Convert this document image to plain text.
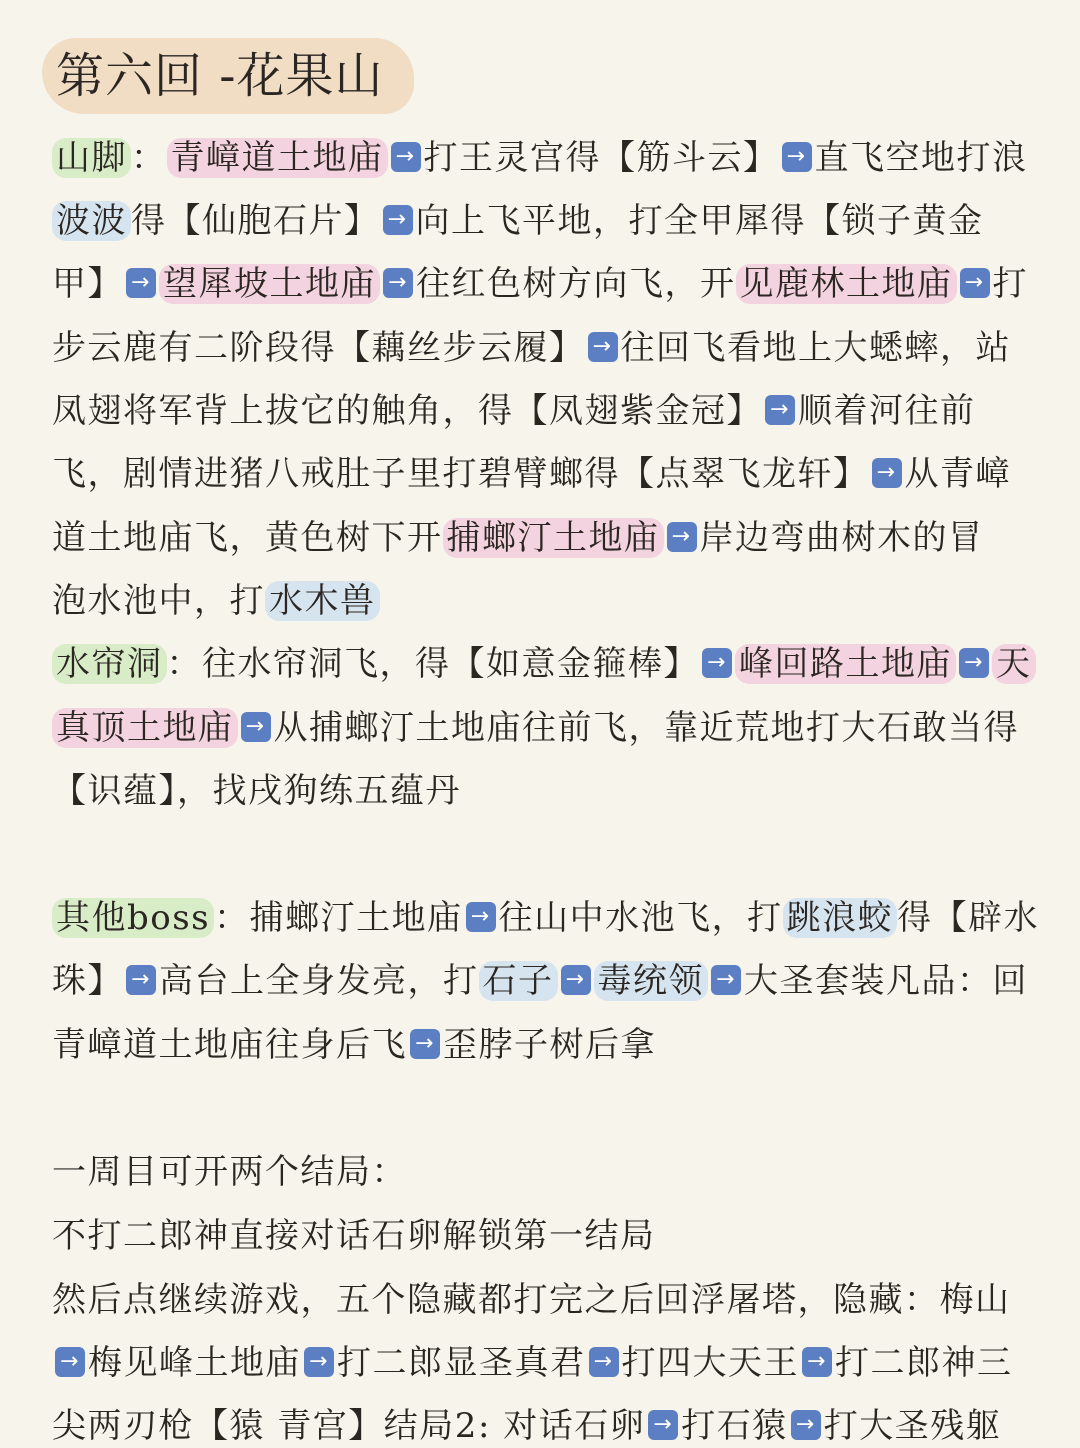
第六回 -花果山
山脚 ： 青嶂道土地庙 → 打王灵宫得【筋斗云】 → 直飞空地打浪
波波 得【仙胞石片】 → 向上飞平地，打全甲犀得【锁子黄金
甲】 → 望犀坡土地庙 → 往红色树方向飞，开 见鹿林土地庙 → 打
步云鹿有二阶段得【藕丝步云履】 → 往回飞看地上大蟋蟀，站
凤翅将军背上拔它的触角，得【凤翅紫金冠】 → 顺着河往前
飞，剧情进猪八戒肚子里打碧臂螂得【点翠飞龙轩】 → 从青嶂
道土地庙飞，黄色树下开 捕螂汀土地庙 → 岸边弯曲树木的冒
泡水池中，打 水木兽
水帘洞 ：往水帘洞飞，得【如意金箍棒】 → 峰回路土地庙 → 天
真顶土地庙 → 从捕螂汀土地庙往前飞，靠近荒地打大石敢当得
【识蕴】，找戌狗练五蕴丹
其他boss ：捕螂汀土地庙 → 往山中水池飞，打 跳浪蛟 得【辟水
珠】 → 高台上全身发亮，打 石子 → 毒统领 → 大圣套装凡品：回
青嶂道土地庙往身后飞 → 歪脖子树后拿
一周目可开两个结局：
不打二郎神直接对话石卵解锁第一结局
然后点继续游戏，五个隐藏都打完之后回浮屠塔，隐藏：梅山
→梅见峰土地庙 → 打二郎显圣真君 → 打四大天王 → 打二郎神三
尖两刃枪【猿 青宫】结局2: 对话石卵 → 打石猿 → 打大圣残躯
